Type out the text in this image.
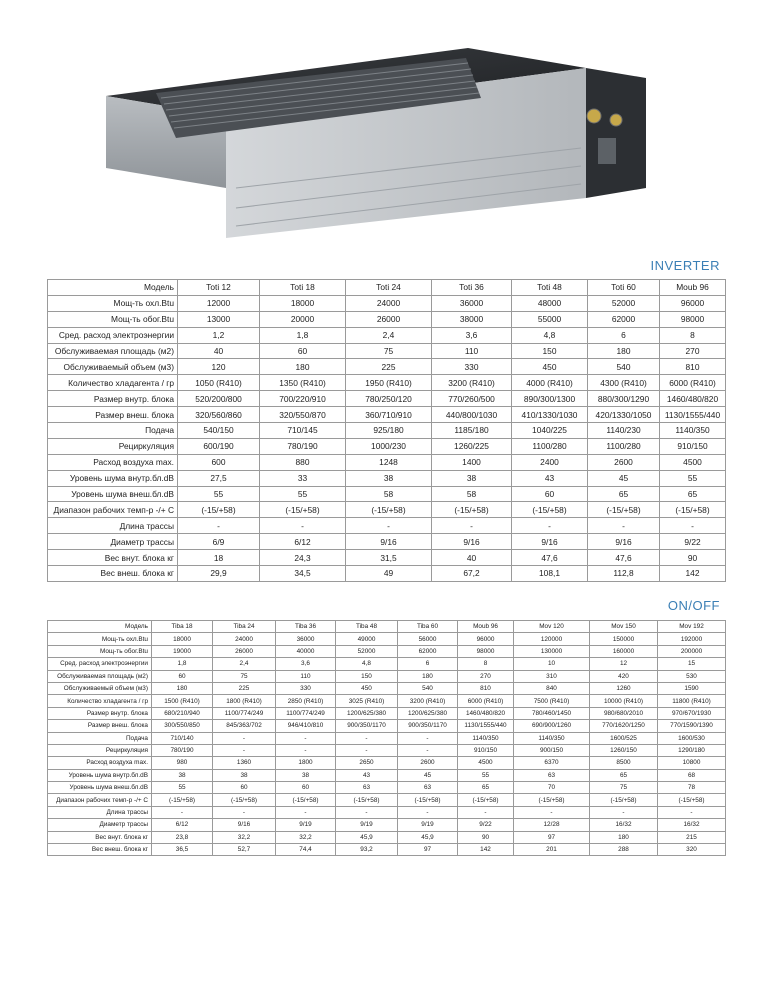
INVERTER
Модель	Toti 12	Toti 18	Toti 24	Toti 36	Toti 48	Toti 60	Moub 96
Мощ-ть охл.Btu	12000	18000	24000	36000	48000	52000	96000
Мощ-ть обог.Btu	13000	20000	26000	38000	55000	62000	98000
Сред. расход электроэнергии	1,2	1,8	2,4	3,6	4,8	6	8
Обслуживаемая площадь (м2)	40	60	75	110	150	180	270
Обслуживаемый объем (м3)	120	180	225	330	450	540	810
Количество хладагента / гр	1050 (R410)	1350 (R410)	1950 (R410)	3200 (R410)	4000 (R410)	4300 (R410)	6000 (R410)
Размер внутр. блока	520/200/800	700/220/910	780/250/120	770/260/500	890/300/1300	880/300/1290	1460/480/820
Размер внеш. блока	320/560/860	320/550/870	360/710/910	440/800/1030	410/1330/1030	420/1330/1050	1130/1555/440
Подача	540/150	710/145	925/180	1185/180	1040/225	1140/230	1140/350
Рециркуляция	600/190	780/190	1000/230	1260/225	1100/280	1100/280	910/150
Расход воздуха max.	600	880	1248	1400	2400	2600	4500
Уровень шума внутр.бл.dB	27,5	33	38	38	43	45	55
Уровень шума внеш.бл.dB	55	55	58	58	60	65	65
Диапазон рабочих темп-р -/+ С	(-15/+58)	(-15/+58)	(-15/+58)	(-15/+58)	(-15/+58)	(-15/+58)	(-15/+58)
Длина трассы	-	-	-	-	-	-	-
Диаметр трассы	6/9	6/12	9/16	9/16	9/16	9/16	9/22
Вес внут. блока кг	18	24,3	31,5	40	47,6	47,6	90
Вес внеш. блока кг	29,9	34,5	49	67,2	108,1	112,8	142
ON/OFF
Модель	Tiba 18	Tiba 24	Tiba 36	Tiba 48	Tiba 60	Moub 96	Mov 120	Mov 150	Mov 192
Мощ-ть охл.Btu	18000	24000	36000	49000	56000	96000	120000	150000	192000
Мощ-ть обог.Btu	19000	26000	40000	52000	62000	98000	130000	160000	200000
Сред. расход электроэнергии	1,8	2,4	3,6	4,8	6	8	10	12	15
Обслуживаемая площадь (м2)	60	75	110	150	180	270	310	420	530
Обслуживаемый объем (м3)	180	225	330	450	540	810	840	1260	1590
Количество хладагента / гр	1500 (R410)	1800 (R410)	2850 (R410)	3025 (R410)	3200 (R410)	6000 (R410)	7500 (R410)	10000 (R410)	11800 (R410)
Размер внутр. блока	680/210/940	1100/774/249	1100/774/249	1200/625/380	1200/625/380	1460/480/820	780/460/1450	980/680/2010	970/670/1930
Размер внеш. блока	300/550/850	845/363/702	946/410/810	900/350/1170	900/350/1170	1130/1555/440	690/900/1260	770/1620/1250	770/1590/1390
Подача	710/140	-	-	-	-	1140/350	1140/350	1600/525	1600/530
Рециркуляция	780/190	-	-	-	-	910/150	900/150	1260/150	1290/180
Расход воздуха max.	980	1360	1800	2650	2600	4500	6370	8500	10800
Уровень шума внутр.бл.dB	38	38	38	43	45	55	63	65	68
Уровень шума внеш.бл.dB	55	60	60	63	63	65	70	75	78
Диапазон рабочих темп-р -/+ С	(-15/+58)	(-15/+58)	(-15/+58)	(-15/+58)	(-15/+58)	(-15/+58)	(-15/+58)	(-15/+58)	(-15/+58)
Длина трассы	-	-	-	-	-	-	-	-	-
Диаметр трассы	6/12	9/16	9/19	9/19	9/19	9/22	12/28	16/32	16/32
Вес внут. блока кг	23,8	32,2	32,2	45,9	45,9	90	97	180	215
Вес внеш. блока кг	36,5	52,7	74,4	93,2	97	142	201	288	320
